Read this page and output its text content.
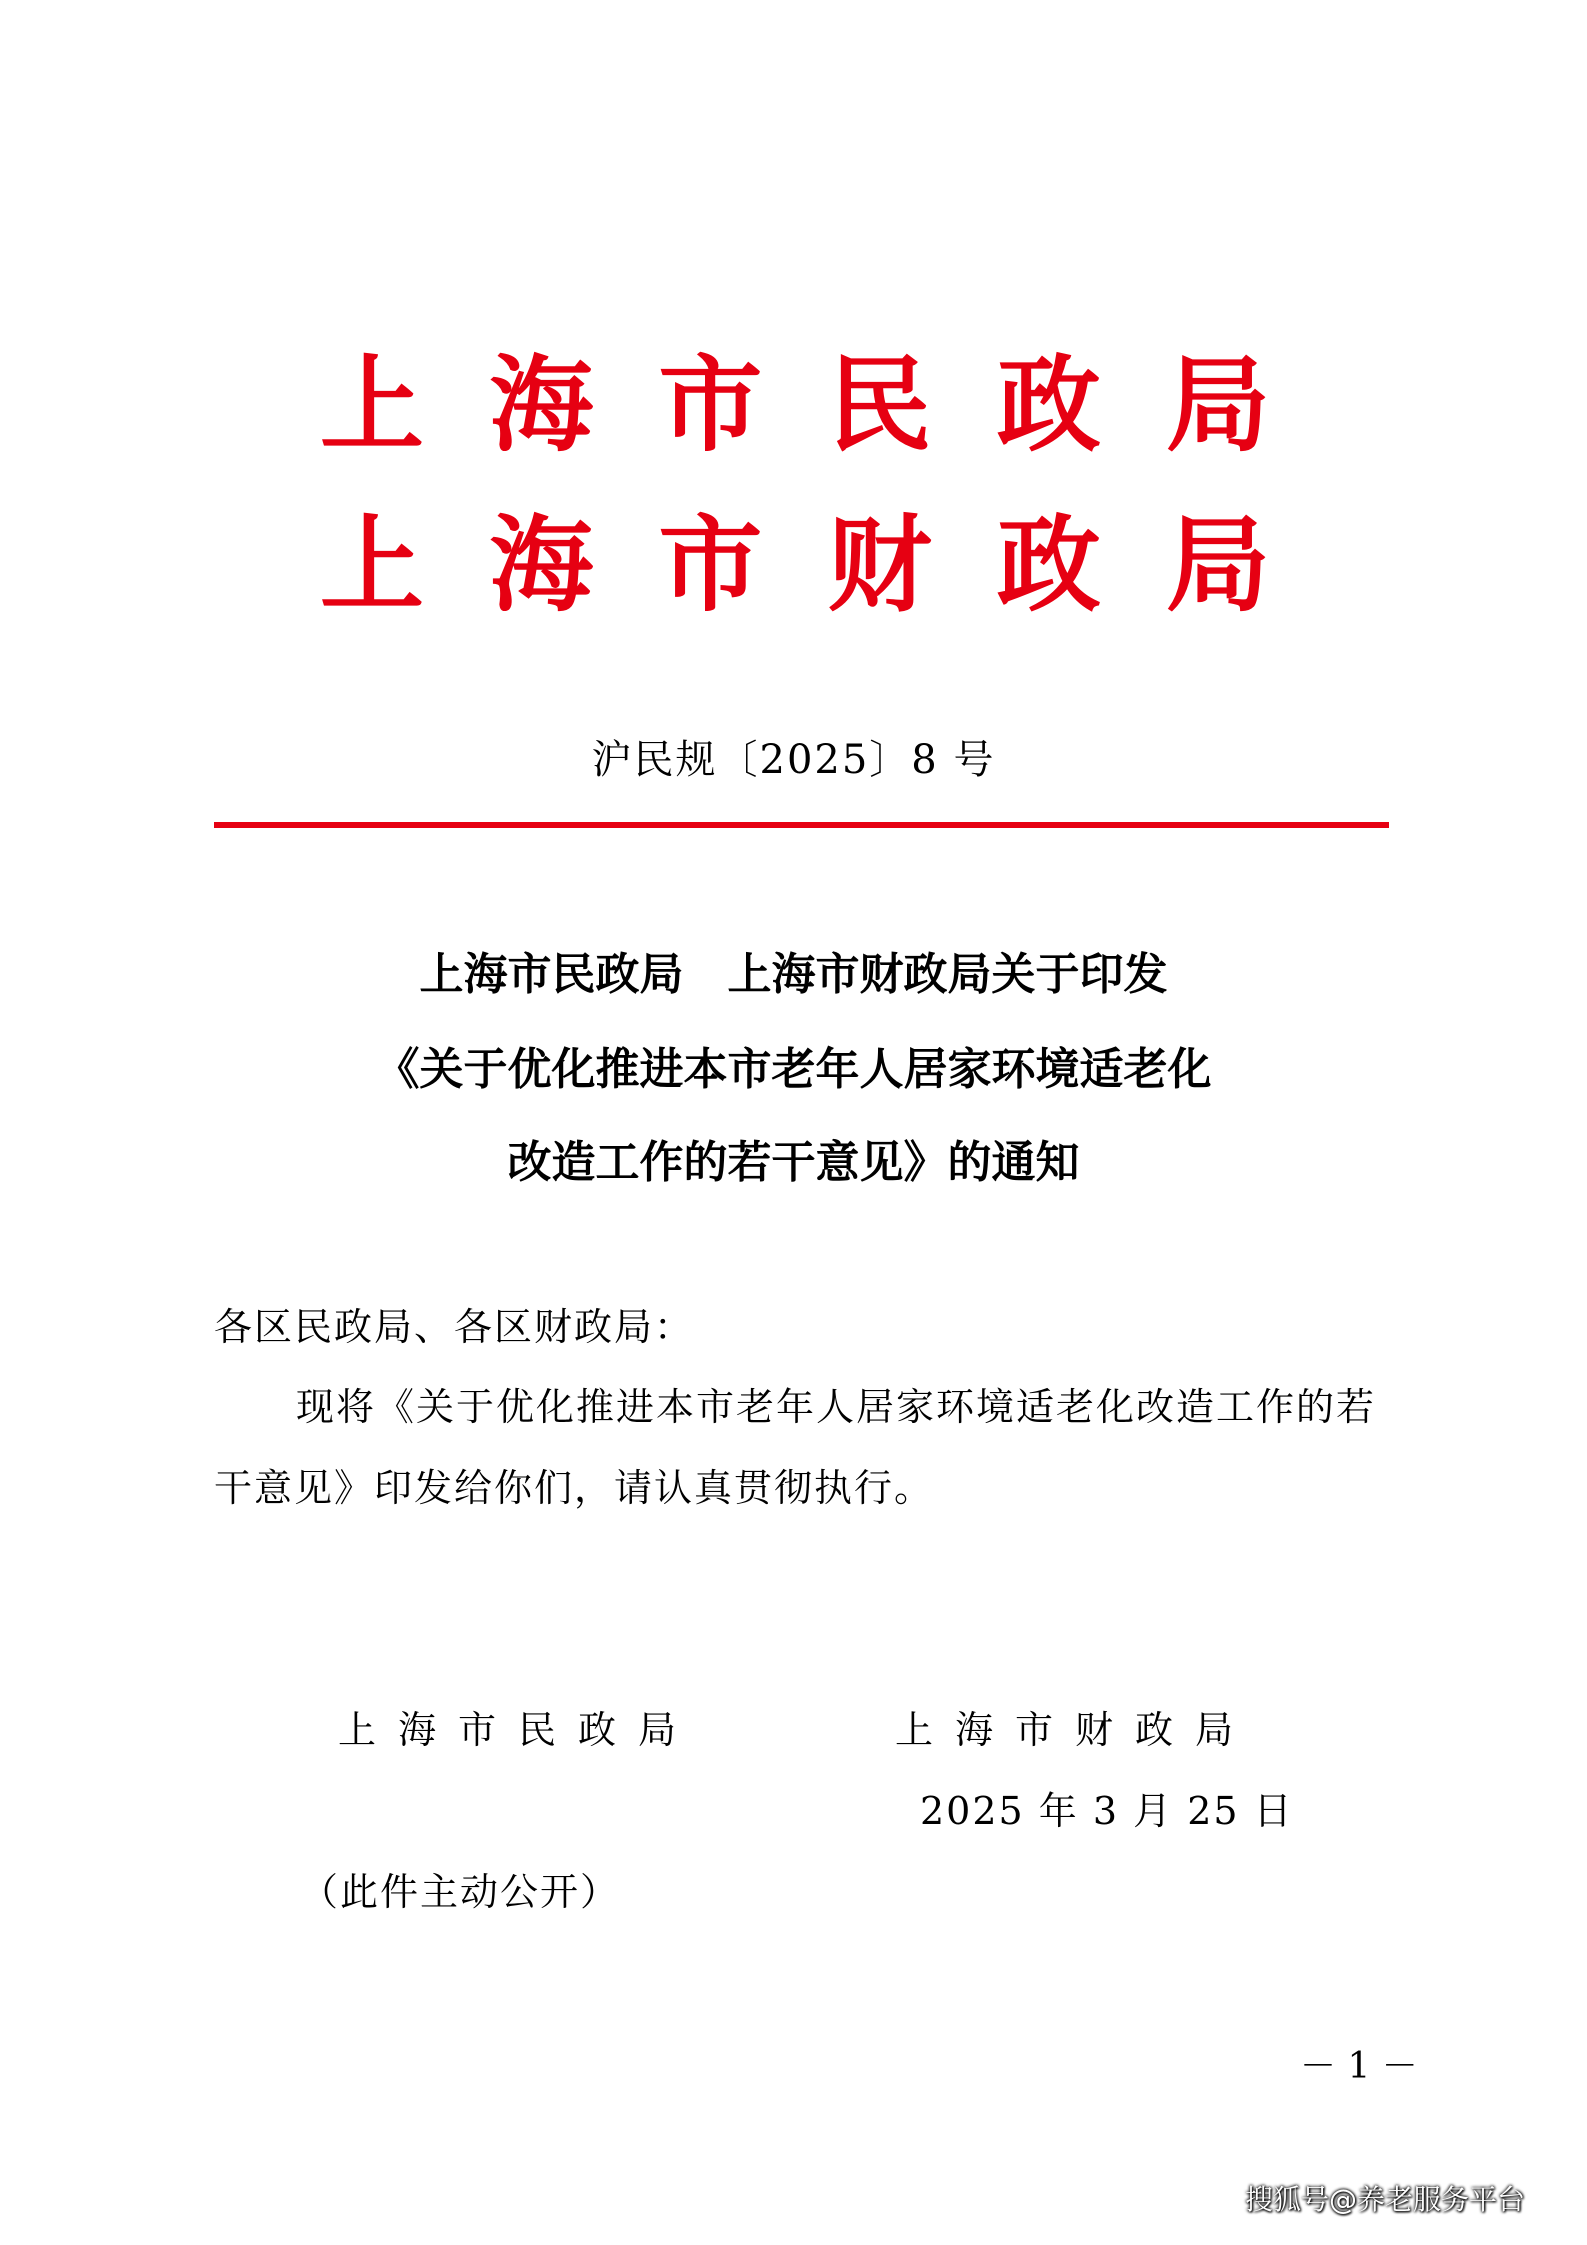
上 海 市 民 政 局
上 海 市 财 政 局
沪民规〔2025〕8 号
上海市民政局　上海市财政局关于印发
《关于优化推进本市老年人居家环境适老化
改造工作的若干意见》的通知
各区民政局、各区财政局：
现将《关于优化推进本市老年人居家环境适老化改造工作的若
干意见》印发给你们，请认真贯彻执行。
上海市民政局	上海市财政局
2025 年 3 月 25 日
（此件主动公开）
－ 1 －
搜狐号@养老服务平台
